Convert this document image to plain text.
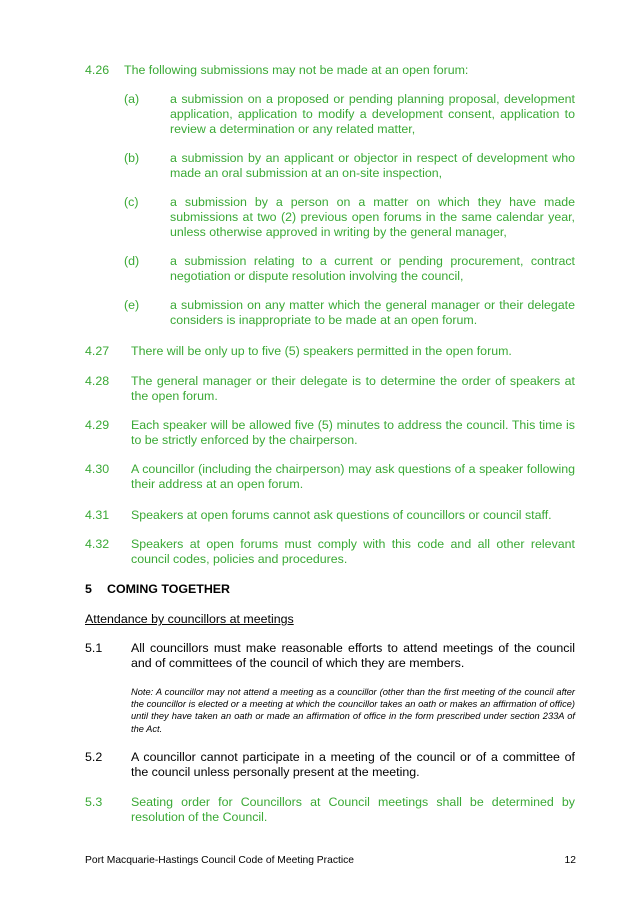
4.26 The following submissions may not be made at an open forum:
(a) a submission on a proposed or pending planning proposal, development application, application to modify a development consent, application to review a determination or any related matter,
(b) a submission by an applicant or objector in respect of development who made an oral submission at an on-site inspection,
(c)	a submission by a person on a matter on which they have made submissions at two (2) previous open forums in the same calendar year, unless otherwise approved in writing by the general manager,
(d) a submission relating to a current or pending procurement, contract negotiation or dispute resolution involving the council,
(e) a submission on any matter which the general manager or their delegate considers is inappropriate to be made at an open forum.
4.27 There will be only up to five (5) speakers permitted in the open forum.
4.28 The general manager or their delegate is to determine the order of speakers at the open forum.
4.29 Each speaker will be allowed five (5) minutes to address the council. This time is to be strictly enforced by the chairperson.
4.30 A councillor (including the chairperson) may ask questions of a speaker following their address at an open forum.
4.31 Speakers at open forums cannot ask questions of councillors or council staff.
4.32 Speakers at open forums must comply with this code and all other relevant council codes, policies and procedures.
5 COMING TOGETHER
Attendance by councillors at meetings
5.1 All councillors must make reasonable efforts to attend meetings of the council and of committees of the council of which they are members.
Note: A councillor may not attend a meeting as a councillor (other than the first meeting of the council after the councillor is elected or a meeting at which the councillor takes an oath or makes an affirmation of office) until they have taken an oath or made an affirmation of office in the form prescribed under section 233A of the Act.
5.2 A councillor cannot participate in a meeting of the council or of a committee of the council unless personally present at the meeting.
5.3 Seating order for Councillors at Council meetings shall be determined by resolution of the Council.
Port Macquarie-Hastings Council Code of Meeting Practice	12
